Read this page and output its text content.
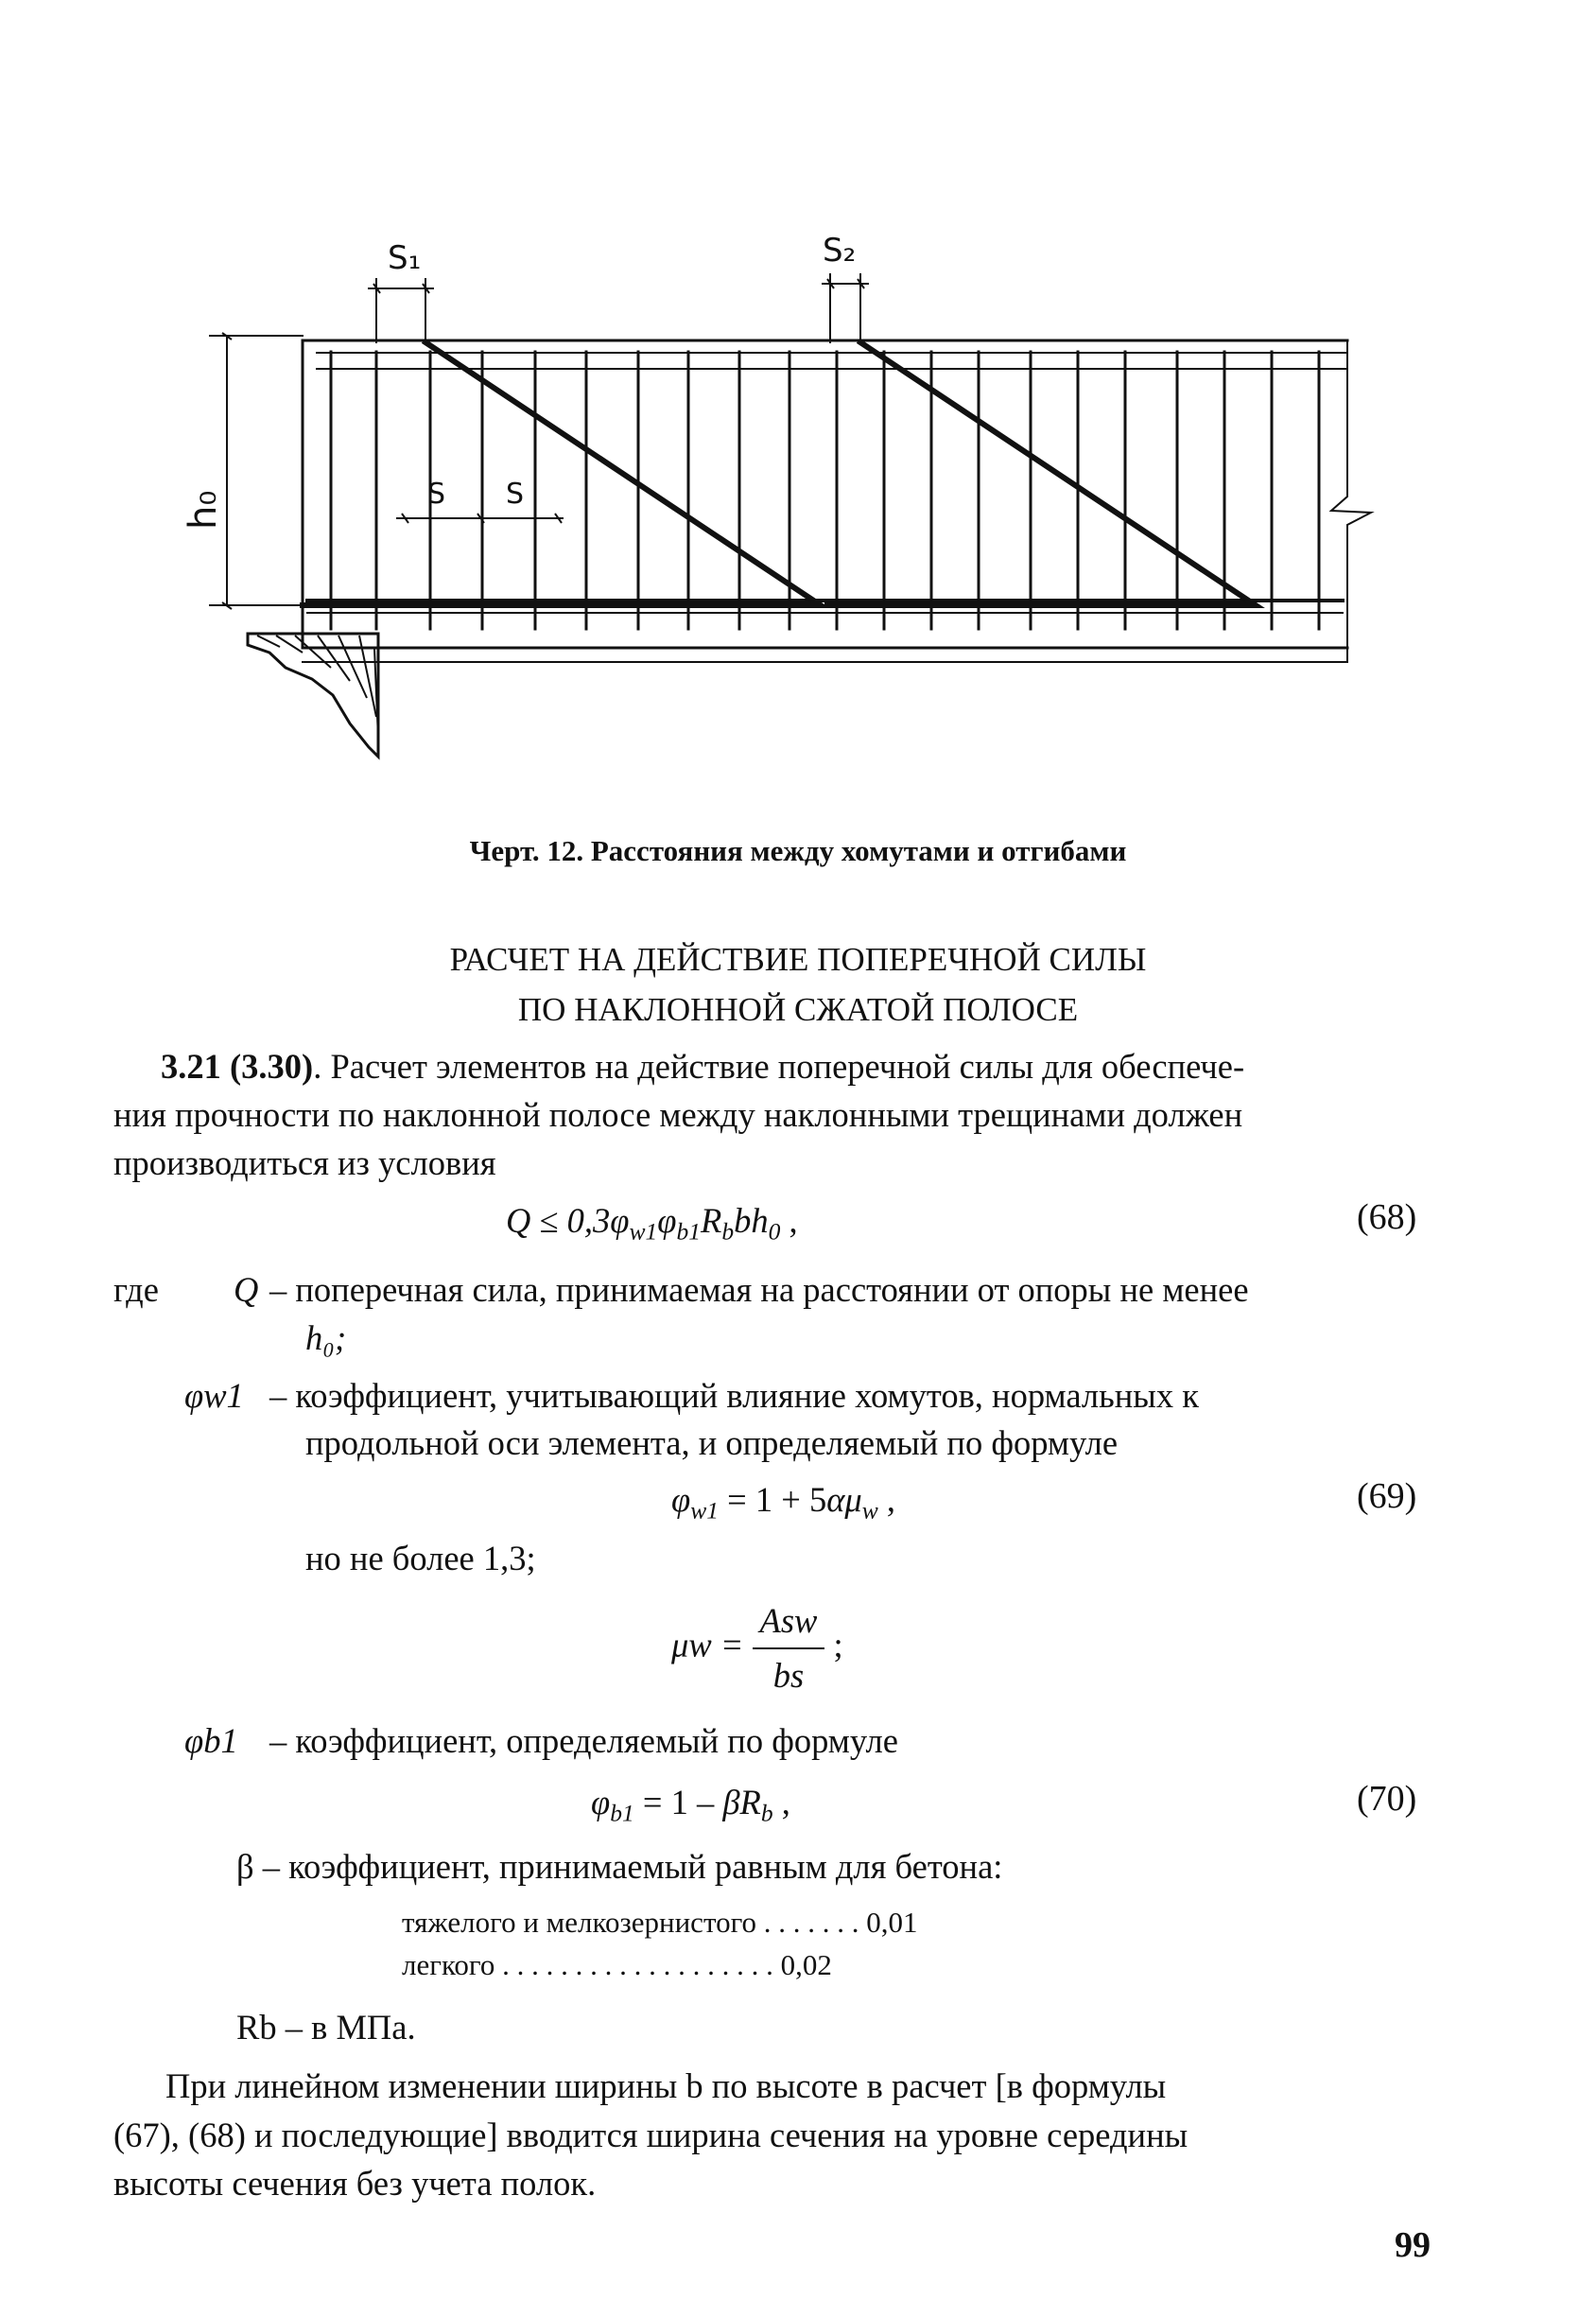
S₁	S₂
S S
h₀
Черт. 12. Расстояния между хомутами и отгибами
РАСЧЕТ НА ДЕЙСТВИЕ ПОПЕРЕЧНОЙ СИЛЫ
ПО НАКЛОННОЙ СЖАТОЙ ПОЛОСЕ
3.21 (3.30). Расчет элементов на действие поперечной силы для обеспече-
ния прочности по наклонной полосе между наклонными трещинами должен
производиться из условия
$Q \le 0,3\varphi_{w1}\varphi_{b1}R_bbh_0$ ,	(68)
где Q – поперечная сила, принимаемая на расстоянии от опоры не менее
h₀;
φw1 – коэффициент, учитывающий влияние хомутов, нормальных к
продольной оси элемента, и определяемый по формуле
$\varphi_{w1} = 1 + 5\alpha\mu_w$ ,	(69)
но не более 1,3;
$\mu w = \frac{\text{Asw}}{bs}$ ;
φb1 – коэффициент, определяемый по формуле
$\varphi_{b1} = 1 - \beta R_b$ ,	(70)
β – коэффициент, принимаемый равным для бетона:
тяжелого и мелкозернистого . . . . . . . 0,01
легкого . . . . . . . . . . . . . . . . . . . 0,02
Rb – в МПа.
При линейном изменении ширины b по высоте в расчет [в формулы
(67), (68) и последующие] вводится ширина сечения на уровне середины
высоты сечения без учета полок.
99
